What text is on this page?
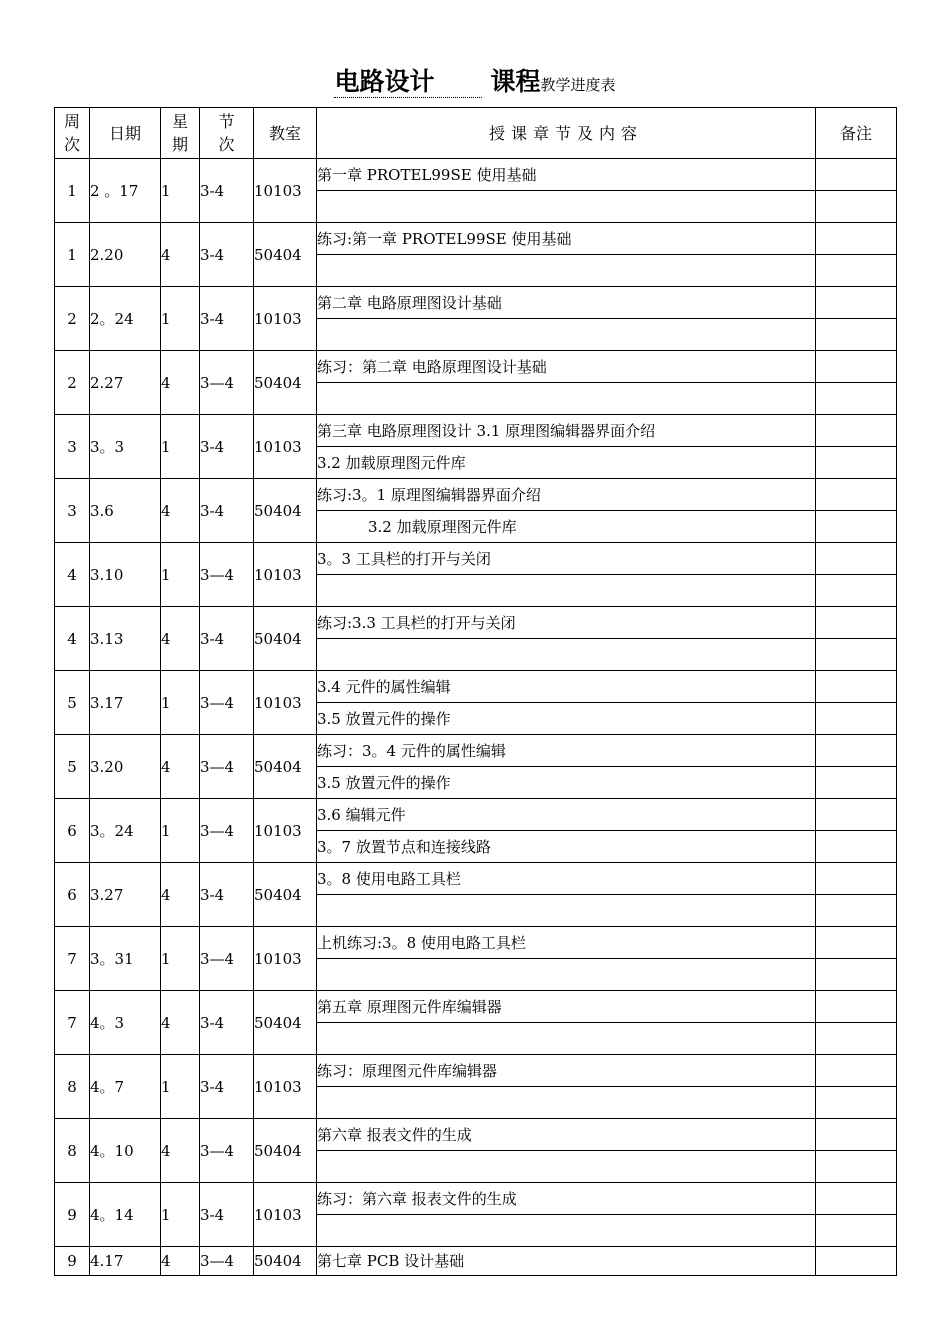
电路设计 课程教学进度表
周次	日期	星期	节次	教室	授课章节及内容	备注
1	2 。17	1	3-4	10103	第一章 PROTEL99SE 使用基础	

1	2.20	4	3-4	50404	练习:第一章 PROTEL99SE 使用基础	

2	2。24	1	3-4	10103	第二章 电路原理图设计基础	

2	2.27	4	3—4	50404	练习：第二章 电路原理图设计基础	

3	3。3	1	3-4	10103	第三章 电路原理图设计 3.1 原理图编辑器界面介绍	
					3.2 加载原理图元件库	
3	3.6	4	3-4	50404	练习:3。1 原理图编辑器界面介绍	
					3.2 加载原理图元件库	
4	3.10	1	3—4	10103	3。3 工具栏的打开与关闭	

4	3.13	4	3-4	50404	练习:3.3 工具栏的打开与关闭	

5	3.17	1	3—4	10103	3.4 元件的属性编辑	
					3.5 放置元件的操作	
5	3.20	4	3—4	50404	练习：3。4 元件的属性编辑	
					3.5 放置元件的操作	
6	3。24	1	3—4	10103	3.6 编辑元件	
					3。7 放置节点和连接线路	
6	3.27	4	3-4	50404	3。8 使用电路工具栏	

7	3。31	1	3—4	10103	上机练习:3。8 使用电路工具栏	

7	4。3	4	3-4	50404	第五章 原理图元件库编辑器	

8	4。7	1	3-4	10103	练习：原理图元件库编辑器	

8	4。10	4	3—4	50404	第六章 报表文件的生成	

9	4。14	1	3-4	10103	练习：第六章 报表文件的生成	

9	4.17	4	3—4	50404	第七章 PCB 设计基础	
